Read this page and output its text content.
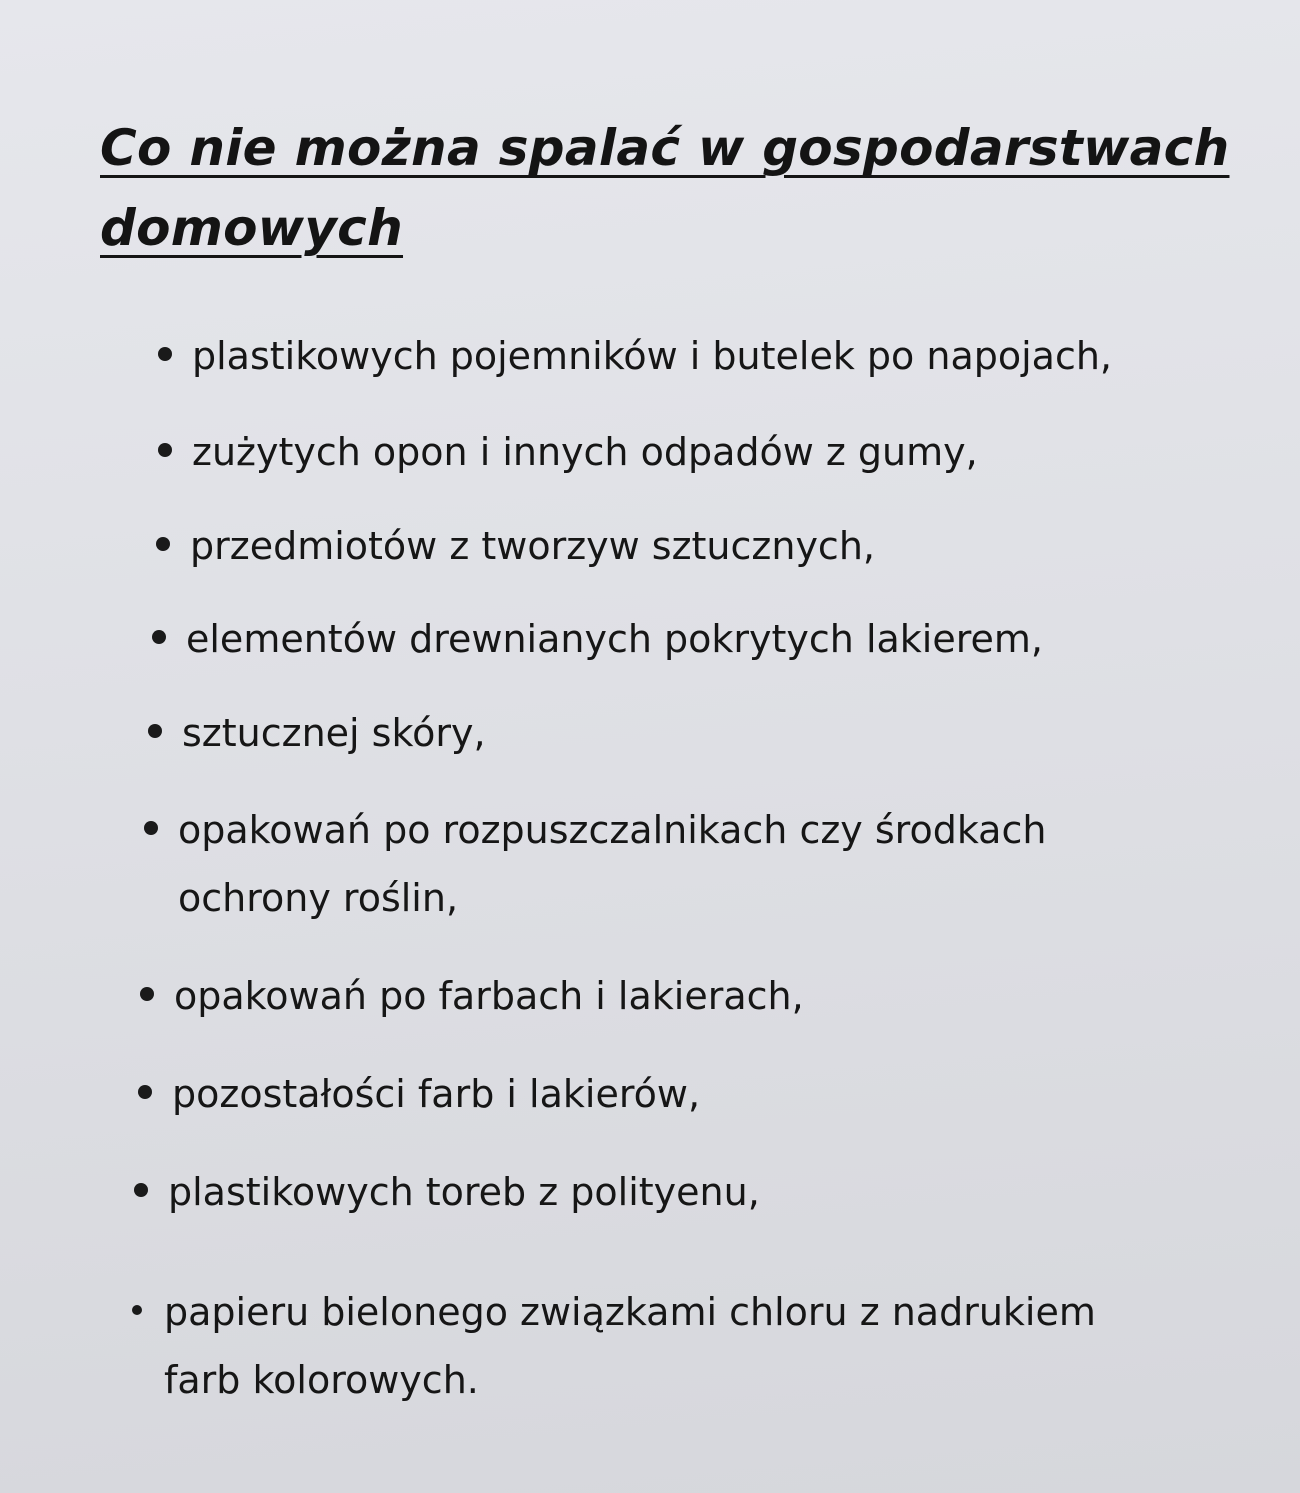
Co nie można spalać w gospodarstwach domowych
plastikowych pojemników i butelek po napojach,
zużytych opon i innych odpadów z gumy,
przedmiotów z tworzyw sztucznych,
elementów drewnianych pokrytych lakierem,
sztucznej skóry,
opakowań po rozpuszczalnikach czy środkach
ochrony roślin,
opakowań po farbach i lakierach,
pozostałości farb i lakierów,
plastikowych toreb z polityenu,
papieru bielonego związkami chloru z nadrukiem
farb kolorowych.
